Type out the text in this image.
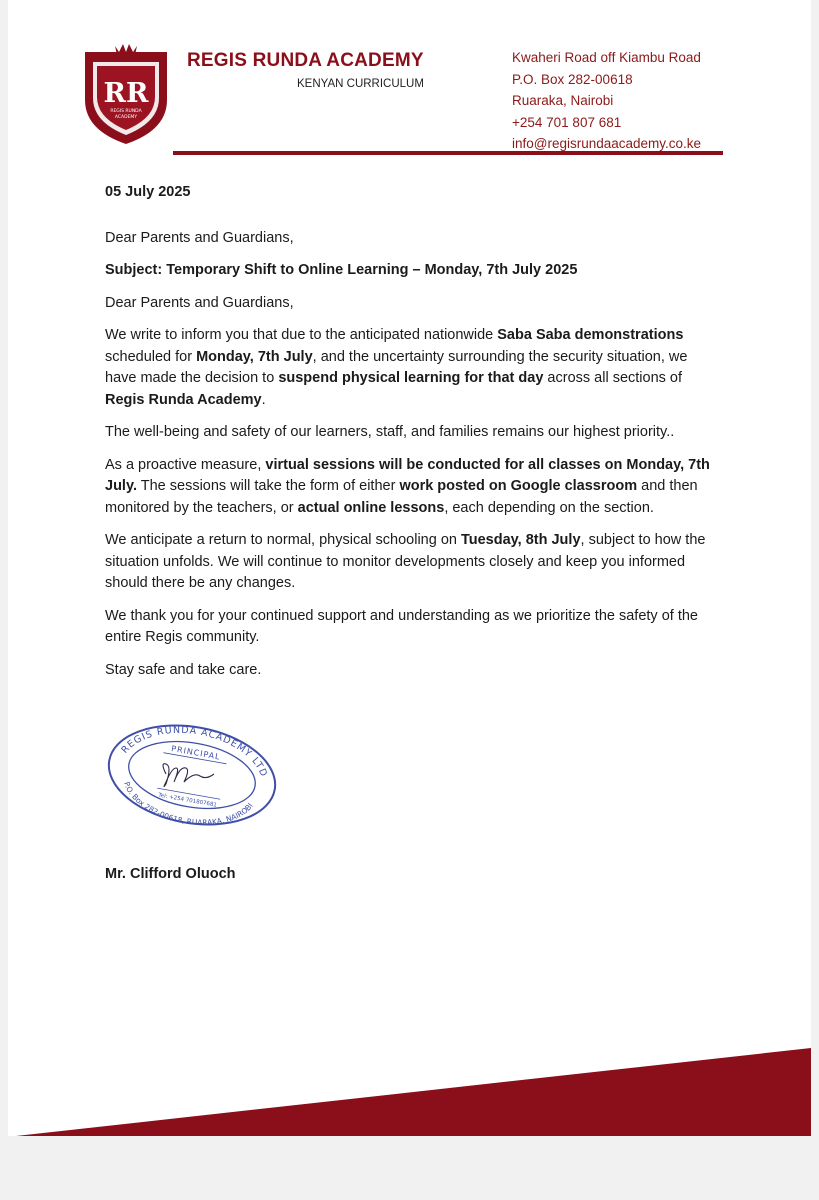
RR
REGIS RUNDA
ACADEMY
REGIS RUNDA ACADEMY
KENYAN CURRICULUM
Kwaheri Road off Kiambu Road
P.O. Box 282-00618
Ruaraka, Nairobi
+254 701 807 681
info@regisrundaacademy.co.ke

05 July 2025

Dear Parents and Guardians,

Subject: Temporary Shift to Online Learning – Monday, 7th July 2025

Dear Parents and Guardians,

We write to inform you that due to the anticipated nationwide Saba Saba demonstrations scheduled for Monday, 7th July, and the uncertainty surrounding the security situation, we have made the decision to suspend physical learning for that day across all sections of Regis Runda Academy.

The well-being and safety of our learners, staff, and families remains our highest priority..

As a proactive measure, virtual sessions will be conducted for all classes on Monday, 7th July. The sessions will take the form of either work posted on Google classroom and then monitored by the teachers, or actual online lessons, each depending on the section.

We anticipate a return to normal, physical schooling on Tuesday, 8th July, subject to how the situation unfolds. We will continue to monitor developments closely and keep you informed should there be any changes.

We thank you for your continued support and understanding as we prioritize the safety of the entire Regis community.

Stay safe and take care.

REGIS RUNDA ACADEMY LTD
P.O. Box 282-00618, RUARAKA, NAIROBI
PRINCIPAL
Tel: +254 701807681
Mr. Clifford Oluoch
